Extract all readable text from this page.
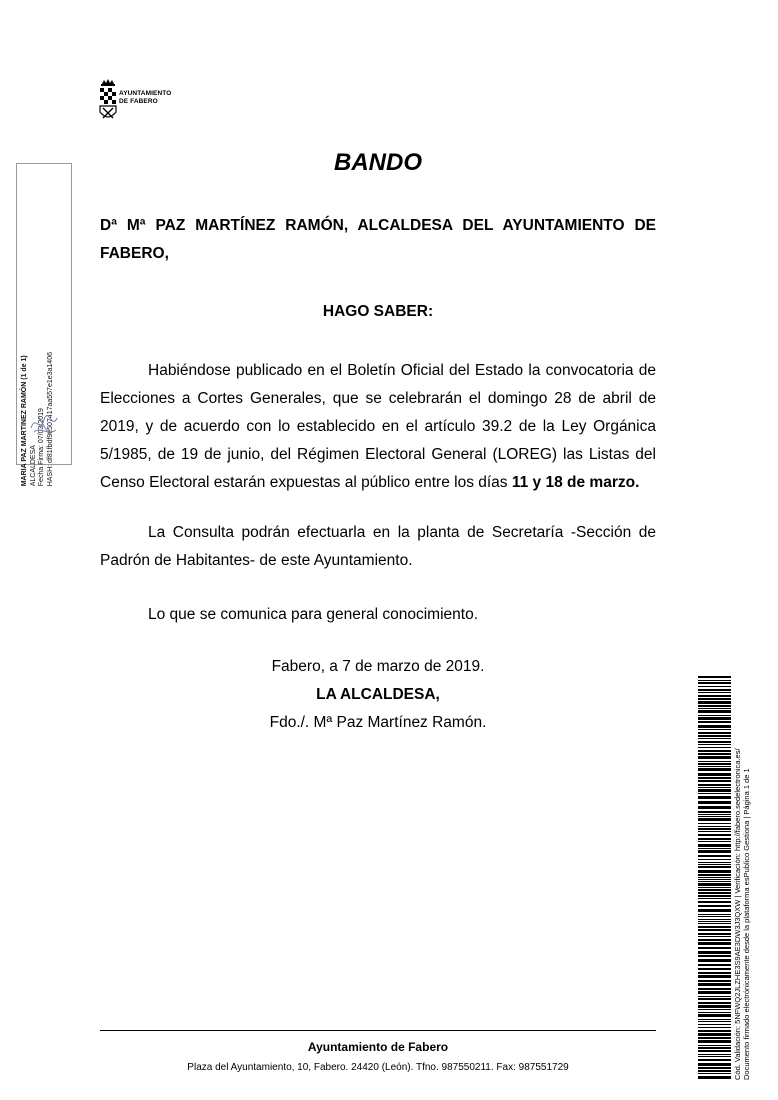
AYUNTAMIENTO
DE FABERO
MARIA PAZ MARTINEZ RAMÓN (1 de 1) ALCALDESA Fecha Firma: 07/03/2019 HASH: df81fbdf9e507417aa557e1e3a1406
BANDO
Dª Mª PAZ MARTÍNEZ RAMÓN, ALCALDESA DEL AYUNTAMIENTO DE FABERO,
HAGO SABER:
Habiéndose publicado en el Boletín Oficial del Estado la convocatoria de Elecciones a Cortes Generales, que se celebrarán el domingo 28 de abril de 2019, y de acuerdo con lo establecido en el artículo 39.2 de la Ley Orgánica 5/1985, de 19 de junio, del Régimen Electoral General (LOREG) las Listas del Censo Electoral estarán expuestas al público entre los días 11 y 18 de marzo.
La Consulta podrán efectuarla en la planta de Secretaría -Sección de Padrón de Habitantes- de este Ayuntamiento.
Lo que se comunica para general conocimiento.
Fabero, a 7 de marzo de 2019.
LA ALCALDESA,
Fdo./. Mª Paz Martínez Ramón.
Ayuntamiento de Fabero
Plaza del Ayuntamiento, 10, Fabero. 24420 (León). Tfno. 987550211. Fax: 987551729	Cód. Validación: 5NFWQ2JLZHE3S9AE3DW3J3QXW | Verificación: http://fabero.sedelectronica.es/ Documento firmado electrónicamente desde la plataforma esPublico Gestiona | Página 1 de 1
